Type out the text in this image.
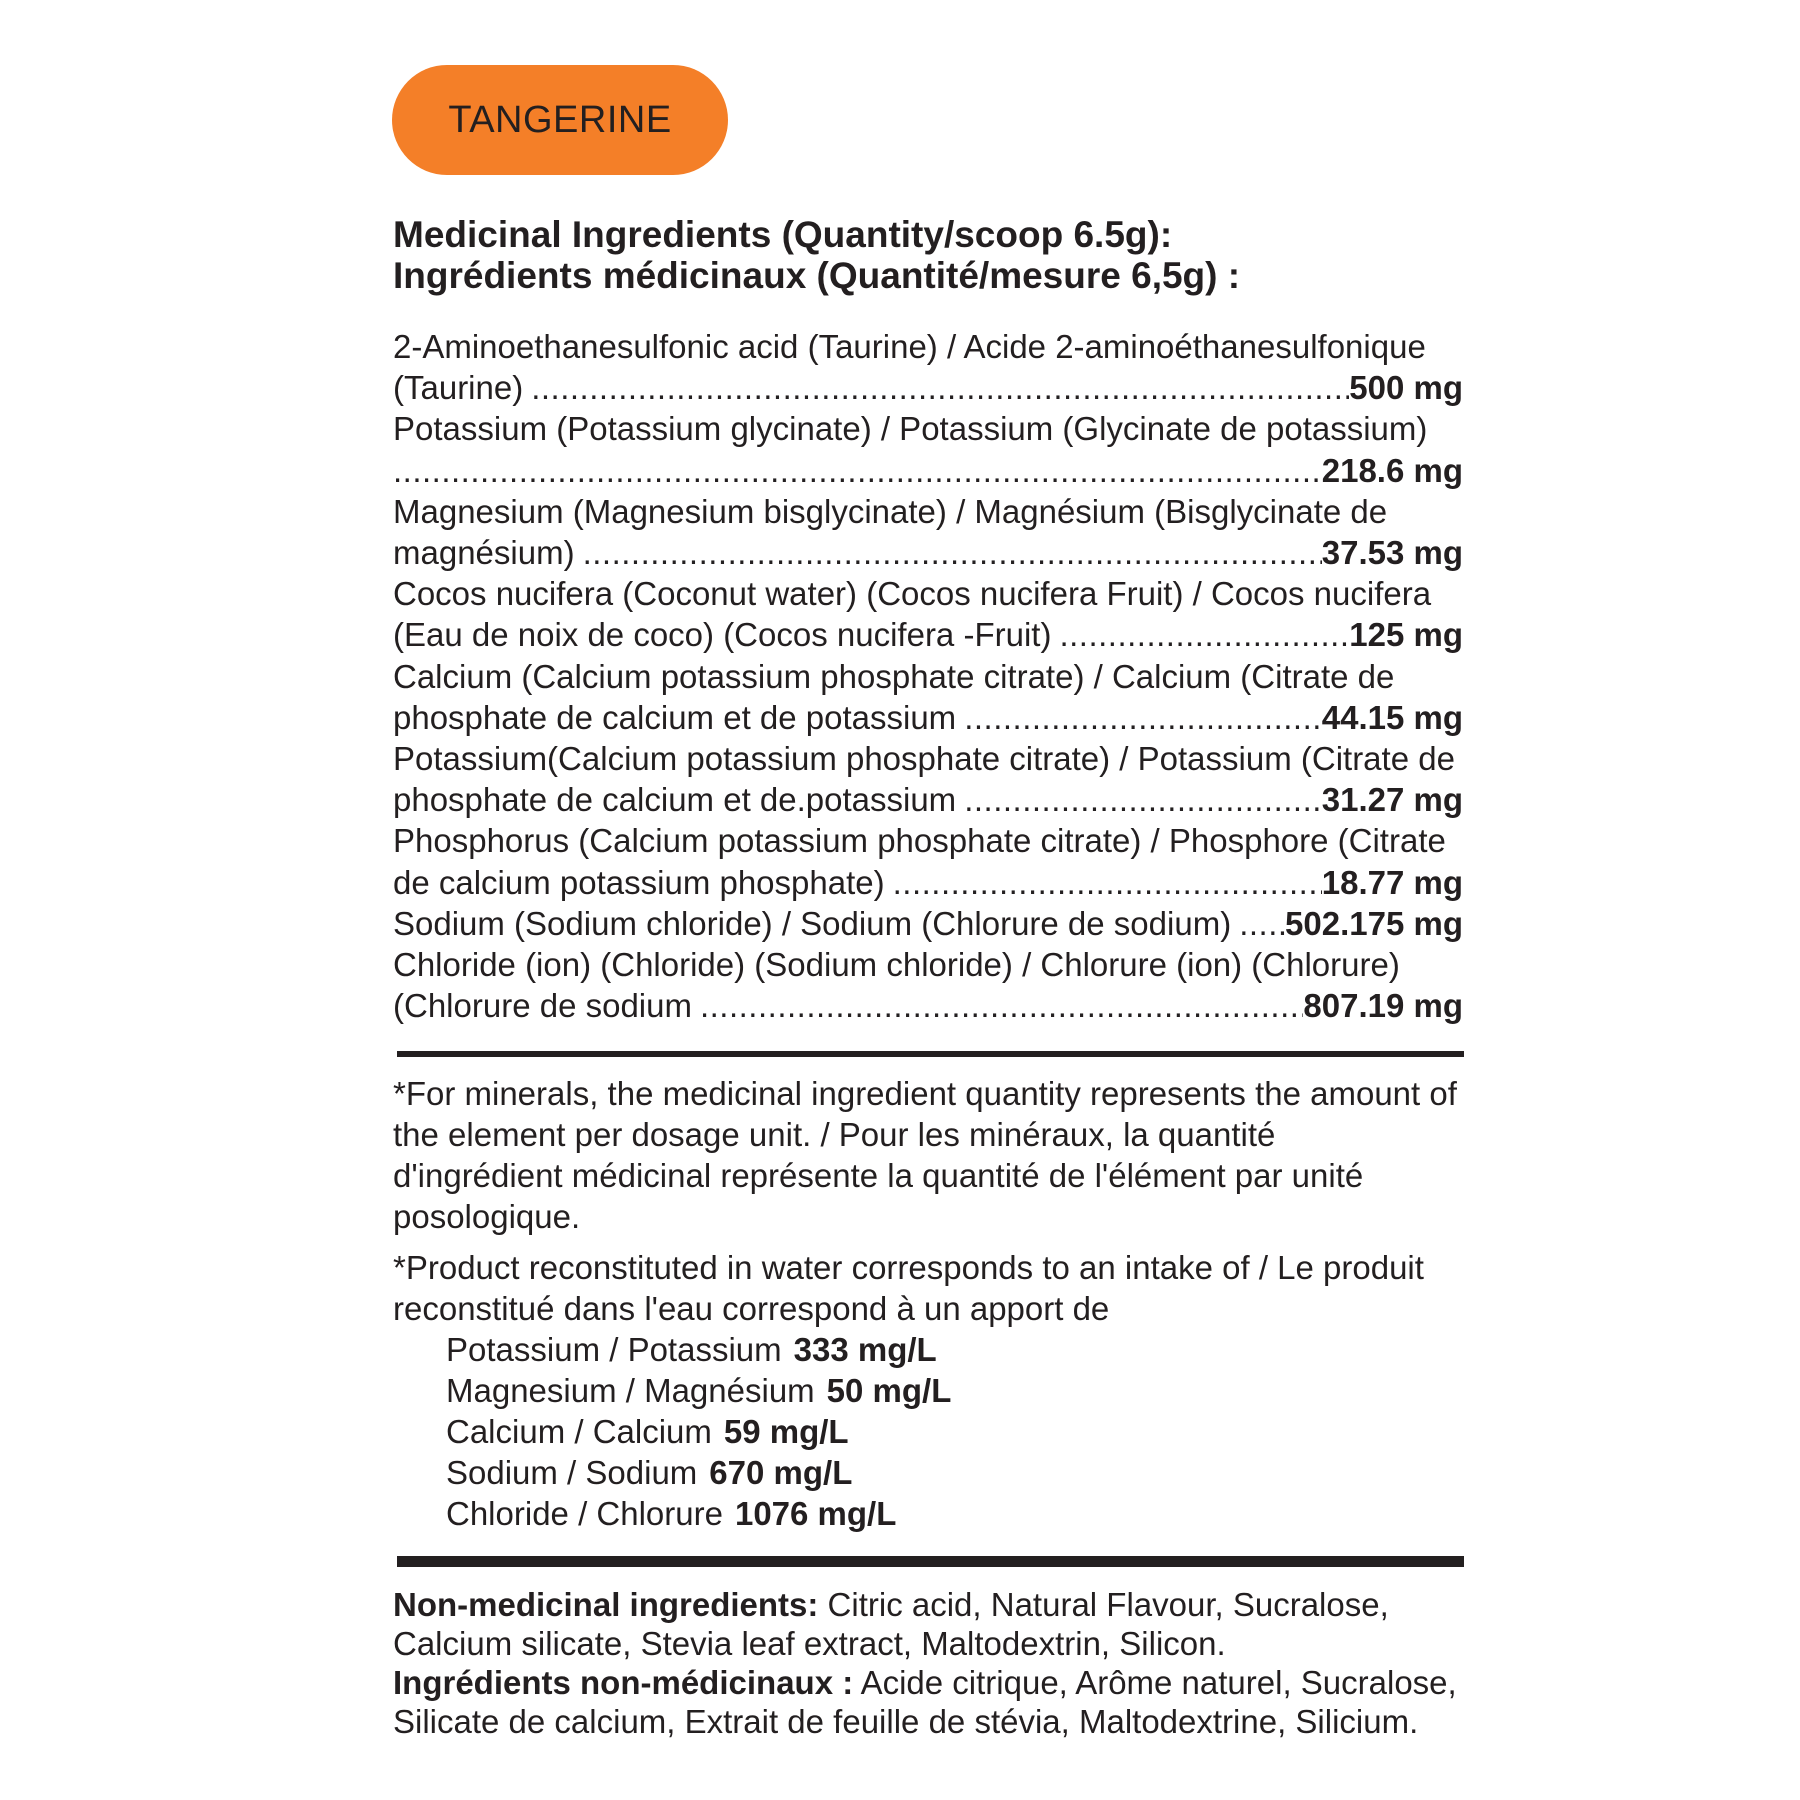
TANGERINE
Medicinal Ingredients (Quantity/scoop 6.5g):
Ingrédients médicinaux (Quantité/mesure 6,5g) :
2-Aminoethanesulfonic acid (Taurine) / Acide 2-aminoéthanesulfonique
(Taurine) .....	500 mg
Potassium (Potassium glycinate) / Potassium (Glycinate de potassium)
.....
218.6 mg
Magnesium (Magnesium bisglycinate) / Magnésium (Bisglycinate de
magnésium) .....	37.53 mg
Cocos nucifera (Coconut water) (Cocos nucifera Fruit) / Cocos nucifera
(Eau de noix de coco) (Cocos nucifera -Fruit) .....	125 mg
Calcium (Calcium potassium phosphate citrate) / Calcium (Citrate de
phosphate de calcium et de potassium .....	44.15 mg
Potassium(Calcium potassium phosphate citrate) / Potassium (Citrate de
phosphate de calcium et de.potassium .....	31.27 mg
Phosphorus (Calcium potassium phosphate citrate) / Phosphore (Citrate
de calcium potassium phosphate) .....	18.77 mg
Sodium (Sodium chloride) / Sodium (Chlorure de sodium) ..... 502.175 mg
Chloride (ion) (Chloride) (Sodium chloride) / Chlorure (ion) (Chlorure)
(Chlorure de sodium .....	807.19 mg

*For minerals, the medicinal ingredient quantity represents the amount of

the element per dosage unit. / Pour les minéraux, la quantité

d'ingrédient médicinal représente la quantité de l'élément par unité

posologique.

*Product reconstituted in water corresponds to an intake of / Le produit

reconstitué dans l'eau correspond à un apport de

Potassium / Potassium 333 mg/L
Magnesium / Magnésium 50 mg/L
Calcium / Calcium 59 mg/L
Sodium / Sodium 670 mg/L
Chloride / Chlorure 1076 mg/L

Non-medicinal ingredients: Citric acid, Natural Flavour, Sucralose,

Calcium silicate, Stevia leaf extract, Maltodextrin, Silicon.

Ingrédients non-médicinaux : Acide citrique, Arôme naturel, Sucralose,

Silicate de calcium, Extrait de feuille de stévia, Maltodextrine, Silicium.
